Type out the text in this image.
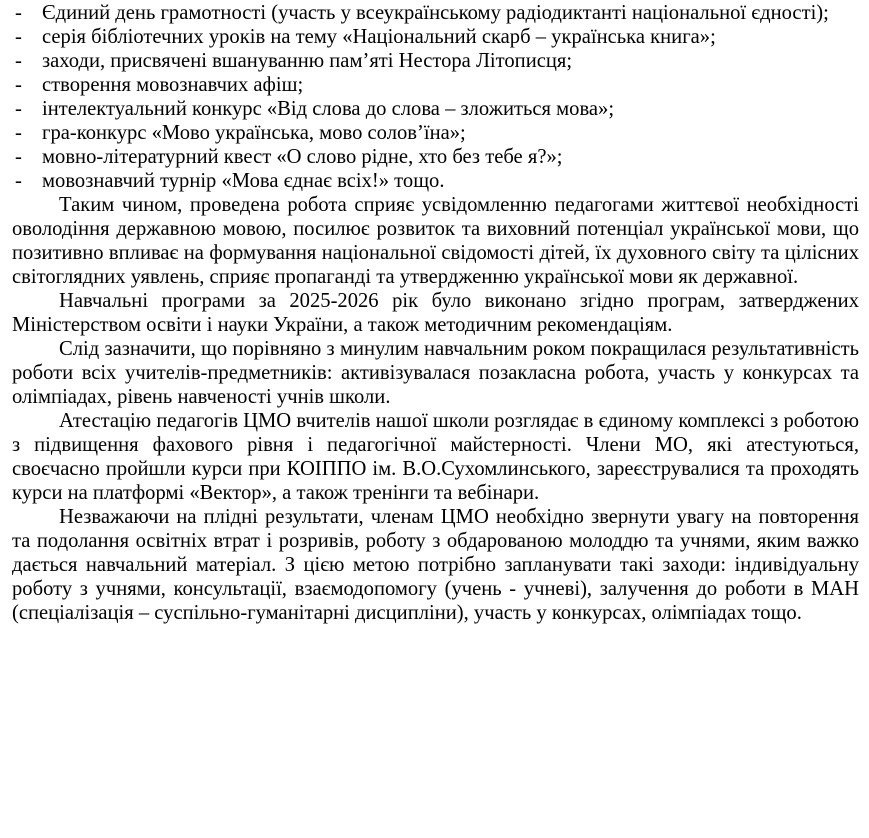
- Єдиний день грамотності (участь у всеукраїнському радіодиктанті національної єдності);
- серія бібліотечних уроків на тему «Національний скарб – українська книга»;
- заходи, присвячені вшануванню пам’яті Нестора Літописця;
- створення мовознавчих афіш;
- інтелектуальний конкурс «Від слова до слова – зложиться мова»;
- гра-конкурс «Мово українська, мово солов’їна»;
- мовно-літературний квест «О слово рідне, хто без тебе я?»;
- мовознавчий турнір «Мова єднає всіх!» тощо.

Таким чином, проведена робота сприяє усвідомленню педагогами життєвої необхідності оволодіння державною мовою, посилює розвиток та виховний потенціал української мови, що позитивно впливає на формування національної свідомості дітей, їх духовного світу та цілісних світоглядних уявлень, сприяє пропаганді та утвердженню української мови як державної.

Навчальні програми за 2025-2026 рік було виконано згідно програм, затверджених Міністерством освіти і науки України, а також методичним рекомендаціям.

Слід зазначити, що порівняно з минулим навчальним роком покращилася результативність роботи всіх учителів-предметників: активізувалася позакласна робота, участь у конкурсах та олімпіадах, рівень навченості учнів школи.

Атестацію педагогів ЦМО вчителів нашої школи розглядає в єдиному комплексі з роботою з підвищення фахового рівня і педагогічної майстерності. Члени МО, які атестуються, своєчасно пройшли курси при КОІППО ім. В.О.Сухомлинського, зареєструвалися та проходять курси на платформі «Вектор», а також тренінги та вебінари.

Незважаючи на плідні результати, членам ЦМО необхідно звернути увагу на повторення та подолання освітніх втрат і розривів, роботу з обдарованою молоддю та учнями, яким важко дається навчальний матеріал. З цією метою потрібно запланувати такі заходи: індивідуальну роботу з учнями, консультації, взаємодопомогу (учень - учневі), залучення до роботи в МАН (спеціалізація – суспільно-гуманітарні дисципліни), участь у конкурсах, олімпіадах тощо.
